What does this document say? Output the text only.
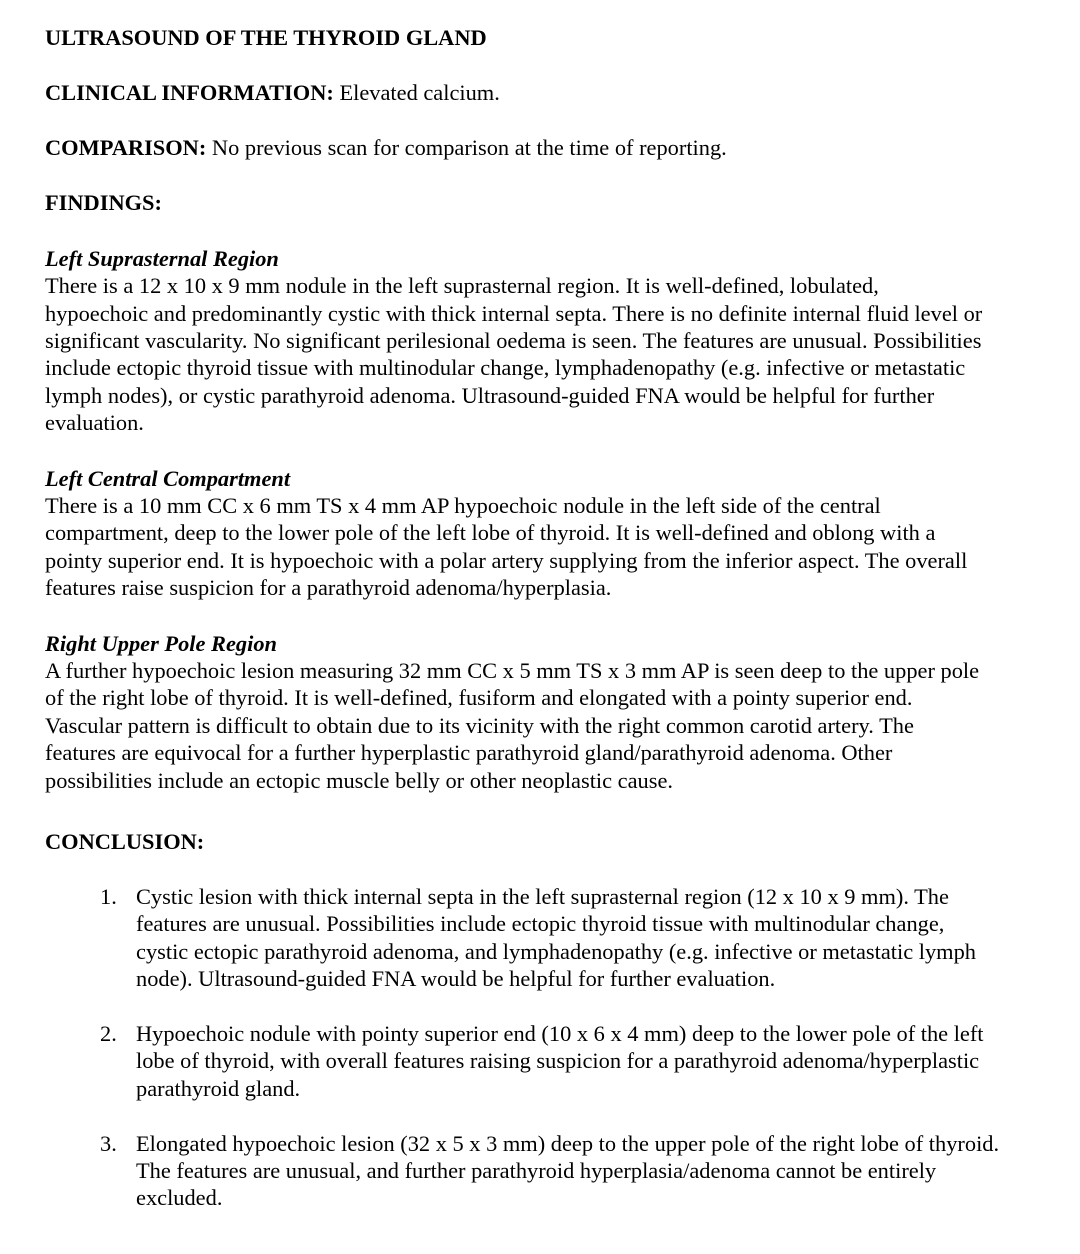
ULTRASOUND OF THE THYROID GLAND

CLINICAL INFORMATION: Elevated calcium.

COMPARISON: No previous scan for comparison at the time of reporting.

FINDINGS:

Left Suprasternal Region

There is a 12 x 10 x 9 mm nodule in the left suprasternal region. It is well-defined, lobulated, hypoechoic and predominantly cystic with thick internal septa. There is no definite internal fluid level or significant vascularity. No significant perilesional oedema is seen. The features are unusual. Possibilities include ectopic thyroid tissue with multinodular change, lymphadenopathy (e.g. infective or metastatic lymph nodes), or cystic parathyroid adenoma. Ultrasound-guided FNA would be helpful for further evaluation.

Left Central Compartment

There is a 10 mm CC x 6 mm TS x 4 mm AP hypoechoic nodule in the left side of the central compartment, deep to the lower pole of the left lobe of thyroid. It is well-defined and oblong with a pointy superior end. It is hypoechoic with a polar artery supplying from the inferior aspect. The overall features raise suspicion for a parathyroid adenoma/hyperplasia.

Right Upper Pole Region

A further hypoechoic lesion measuring 32 mm CC x 5 mm TS x 3 mm AP is seen deep to the upper pole of the right lobe of thyroid. It is well-defined, fusiform and elongated with a pointy superior end. Vascular pattern is difficult to obtain due to its vicinity with the right common carotid artery. The features are equivocal for a further hyperplastic parathyroid gland/parathyroid adenoma. Other possibilities include an ectopic muscle belly or other neoplastic cause.

CONCLUSION:

1. Cystic lesion with thick internal septa in the left suprasternal region (12 x 10 x 9 mm). The features are unusual. Possibilities include ectopic thyroid tissue with multinodular change, cystic ectopic parathyroid adenoma, and lymphadenopathy (e.g. infective or metastatic lymph node). Ultrasound-guided FNA would be helpful for further evaluation.
2. Hypoechoic nodule with pointy superior end (10 x 6 x 4 mm) deep to the lower pole of the left lobe of thyroid, with overall features raising suspicion for a parathyroid adenoma/hyperplastic parathyroid gland.
3. Elongated hypoechoic lesion (32 x 5 x 3 mm) deep to the upper pole of the right lobe of thyroid. The features are unusual, and further parathyroid hyperplasia/adenoma cannot be entirely excluded.
